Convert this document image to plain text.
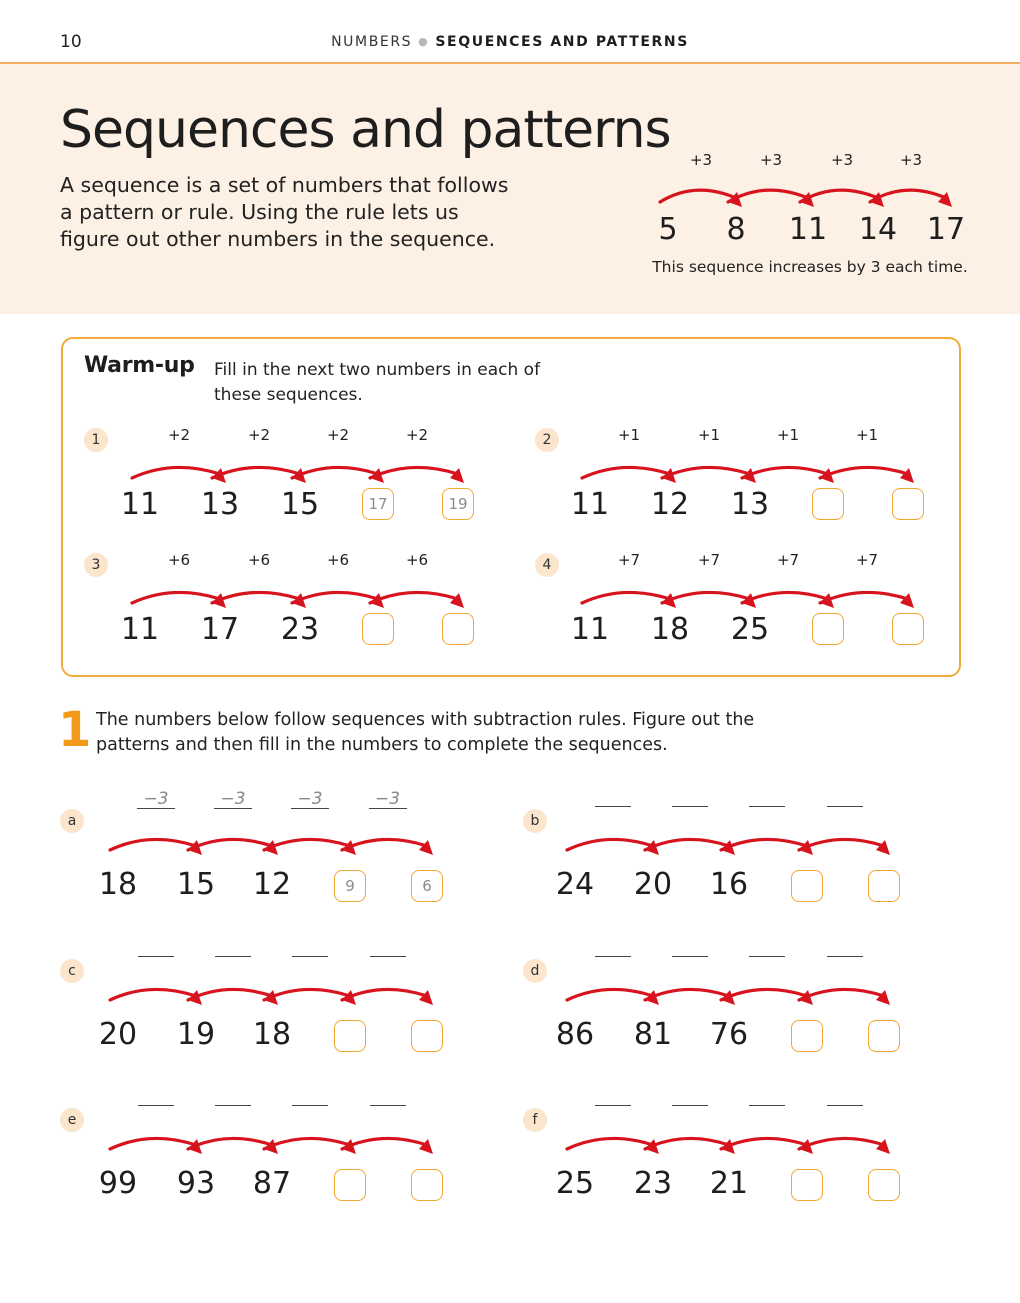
10	NUMBERS ● SEQUENCES AND PATTERNS
Sequences and patterns

A sequence is a set of numbers that follows a pattern or rule. Using the rule lets us figure out other numbers in the sequence.

+3	+3	+3	+3
5	8	11	14 17
This sequence increases by 3 each time.
Warm-up Fill in the next two numbers in each of these sequences.
1	+2	+2	+2	+2
11	13	15	17	19
2	+1	+1	+1	+1
11	12	13
3	+6	+6	+6	+6
11	17	23
4	+7	+7	+7	+7
11	18	25
1 The numbers below follow sequences with subtraction rules. Figure out the patterns and then fill in the numbers to complete the sequences.
a
−3	−3	−3	−3
18	15	12	9	6
b
24	20	16
c
20	19	18
d
86	81	76
e
99	93	87
f
25	23	21
